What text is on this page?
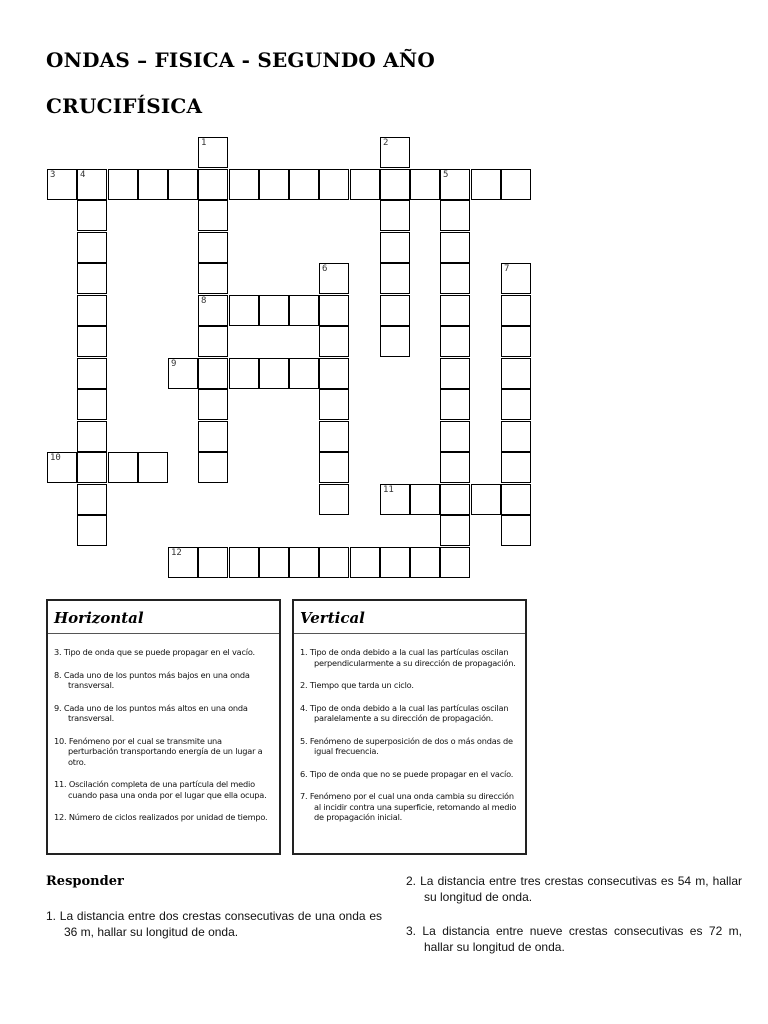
ONDAS – FISICA - SEGUNDO AÑO
CRUCIFÍSICA
3	4	5
8
9
10
11
12
1	2
6	7
Horizontal
3. Tipo de onda que se puede propagar en el vacío.
8. Cada uno de los puntos más bajos en una onda transversal.
9. Cada uno de los puntos más altos en una onda transversal.
10. Fenómeno por el cual se transmite una perturbación transportando energía de un lugar a otro.
11. Oscilación completa de una partícula del medio cuando pasa una onda por el lugar que ella ocupa.
12. Número de ciclos realizados por unidad de tiempo.
Vertical
1. Tipo de onda debido a la cual las partículas oscilan perpendicularmente a su dirección de propagación.
2. Tiempo que tarda un ciclo.
4. Tipo de onda debido a la cual las partículas oscilan paralelamente a su dirección de propagación.
5. Fenómeno de superposición de dos o más ondas de igual frecuencia.
6. Tipo de onda que no se puede propagar en el vacío.
7. Fenómeno por el cual una onda cambia su dirección al incidir contra una superficie, retomando al medio de propagación inicial.
Responder
1. La distancia entre dos crestas consecutivas de una onda es 36 m, hallar su longitud de onda.
2. La distancia entre tres crestas consecutivas es 54 m, hallar su longitud de onda.
3. La distancia entre nueve crestas consecutivas es 72 m, hallar su longitud de onda.
